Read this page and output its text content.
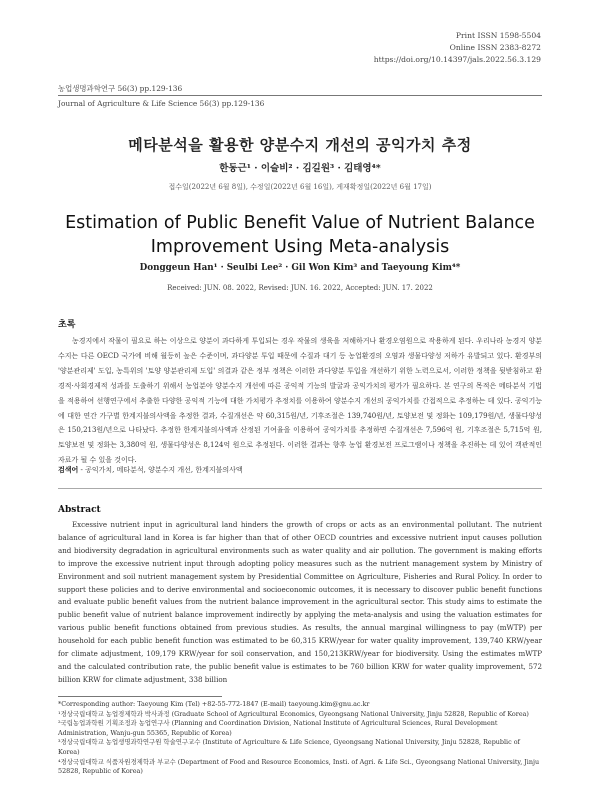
Print ISSN 1598-5504
Online ISSN 2383-8272
https://doi.org/10.14397/jals.2022.56.3.129
농업생명과학연구 56(3) pp.129-136
Journal of Agriculture & Life Science 56(3) pp.129-136
메타분석을 활용한 양분수지 개선의 공익가치 추정
한동근¹ · 이슬비² · 김길원³ · 김태영⁴*
접수일(2022년 6월 8일), 수정일(2022년 6월 16일), 게재확정일(2022년 6월 17일)
Estimation of Public Benefit Value of Nutrient Balance Improvement Using Meta-analysis
Donggeun Han¹ · Seulbi Lee² · Gil Won Kim³ and Taeyoung Kim⁴*
Received: JUN. 08. 2022, Revised: JUN. 16. 2022, Accepted: JUN. 17. 2022
초록
농경지에서 작물이 필요로 하는 이상으로 양분이 과다하게 투입되는 경우 작물의 생육을 저해하거나 환경오염원으로 작용하게 된다. 우리나라 농경지 양분수지는 다른 OECD 국가에 비해 월등히 높은 수준이며, 과다양분 투입 때문에 수질과 대기 등 농업환경의 오염과 생물다양성 저하가 유발되고 있다. 환경부의 '양분관리제' 도입, 농특위의 '토양 양분관리제 도입' 의결과 같은 정부 정책은 이러한 과다양분 투입을 개선하기 위한 노력으로서, 이러한 정책을 뒷받침하고 환경적·사회경제적 성과를 도출하기 위해서 농업분야 양분수지 개선에 따른 공익적 기능의 발굴과 공익가치의 평가가 필요하다. 본 연구의 목적은 메타분석 기법을 적용하여 선행연구에서 추출한 다양한 공익적 기능에 대한 가치평가 추정치를 이용하여 양분수지 개선의 공익가치를 간접적으로 추정하는 데 있다. 공익기능에 대한 연간 가구별 한계지불의사액을 추정한 결과, 수질개선은 약 60,315원/년, 기후조절은 139,740원/년, 토양보전 및 정화는 109,179원/년, 생물다양성은 150,213원/년으로 나타났다. 추정한 한계지불의사액과 산정된 기여율을 이용하여 공익가치를 추정하면 수질개선은 7,596억 원, 기후조절은 5,715억 원, 토양보전 및 정화는 3,380억 원, 생물다양성은 8,124억 원으로 추정된다. 이러한 결과는 향후 농업 환경보전 프로그램이나 정책을 추진하는 데 있어 객관적인 자료가 될 수 있을 것이다.
검색어 - 공익가치, 메타분석, 양분수지 개선, 한계지불의사액
Abstract
Excessive nutrient input in agricultural land hinders the growth of crops or acts as an environmental pollutant. The nutrient balance of agricultural land in Korea is far higher than that of other OECD countries and excessive nutrient input causes pollution and biodiversity degradation in agricultural environments such as water quality and air pollution. The government is making efforts to improve the excessive nutrient input through adopting policy measures such as the nutrient management system by Ministry of Environment and soil nutrient management system by Presidential Committee on Agriculture, Fisheries and Rural Policy. In order to support these policies and to derive environmental and socioeconomic outcomes, it is necessary to discover public benefit functions and evaluate public benefit values from the nutrient balance improvement in the agricultural sector. This study aims to estimate the public benefit value of nutrient balance improvement indirectly by applying the meta-analysis and using the valuation estimates for various public benefit functions obtained from previous studies. As results, the annual marginal willingness to pay (mWTP) per household for each public benefit function was estimated to be 60,315 KRW/year for water quality improvement, 139,740 KRW/year for climate adjustment, 109,179 KRW/year for soil conservation, and 150,213KRW/year for biodiversity. Using the estimates mWTP and the calculated contribution rate, the public benefit value is estimates to be 760 billion KRW for water quality improvement, 572 billion KRW for climate adjustment, 338 billion
*Corresponding author: Taeyoung Kim (Tel) +82-55-772-1847 (E-mail) taeyoung.kim@gnu.ac.kr
¹경상국립대학교 농업경제학과 박사과정 (Graduate School of Agricultural Economics, Gyeongsang National University, Jinju 52828, Republic of Korea)
²국립농업과학원 기획조정과 농업연구사 (Planning and Coordination Division, National Institute of Agricultural Sciences, Rural Development Administration, Wanju-gun 55365, Republic of Korea)
³경상국립대학교 농업생명과학연구원 학술연구교수 (Institute of Agriculture & Life Science, Gyeongsang National University, Jinju 52828, Republic of Korea)
⁴경상국립대학교 식품자원경제학과 부교수 (Department of Food and Resource Economics, Insti. of Agri. & Life Sci., Gyeongsang National University, Jinju 52828, Republic of Korea)
